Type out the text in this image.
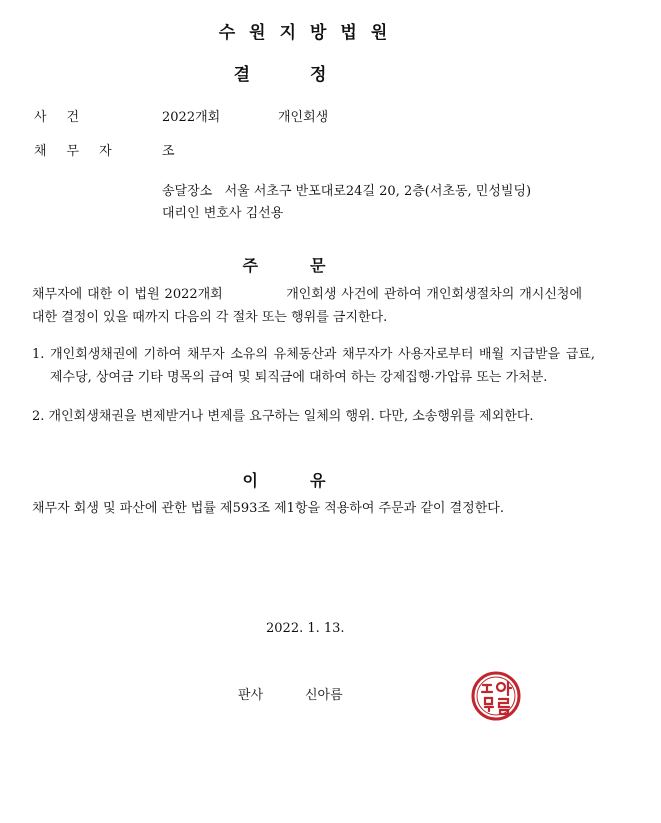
수원지방법원
결정
사건	2022개회	개인회생
채무자 조
송달장소   서울 서초구 반포대로24길 20, 2층(서초동, 민성빌딩)
대리인 변호사 김선용
주문
채무자에 대한 이 법원 2022개회             개인회생 사건에 관하여 개인회생절차의 개시신청에 대한 결정이 있을 때까지 다음의 각 절차 또는 행위를 금지한다.
1. 개인회생채권에 기하여 채무자 소유의 유체동산과 채무자가 사용자로부터 배월 지급받을 급료, 제수당, 상여금 기타 명목의 급여 및 퇴직금에 대하여 하는 강제집행·가압류 또는 가처분.
2. 개인회생채권을 변제받거나 변제를 요구하는 일체의 행위. 다만, 소송행위를 제외한다.
이유
채무자 회생 및 파산에 관한 법률 제593조 제1항을 적용하여 주문과 같이 결정한다.
2022. 1. 13.
판사	신아름
